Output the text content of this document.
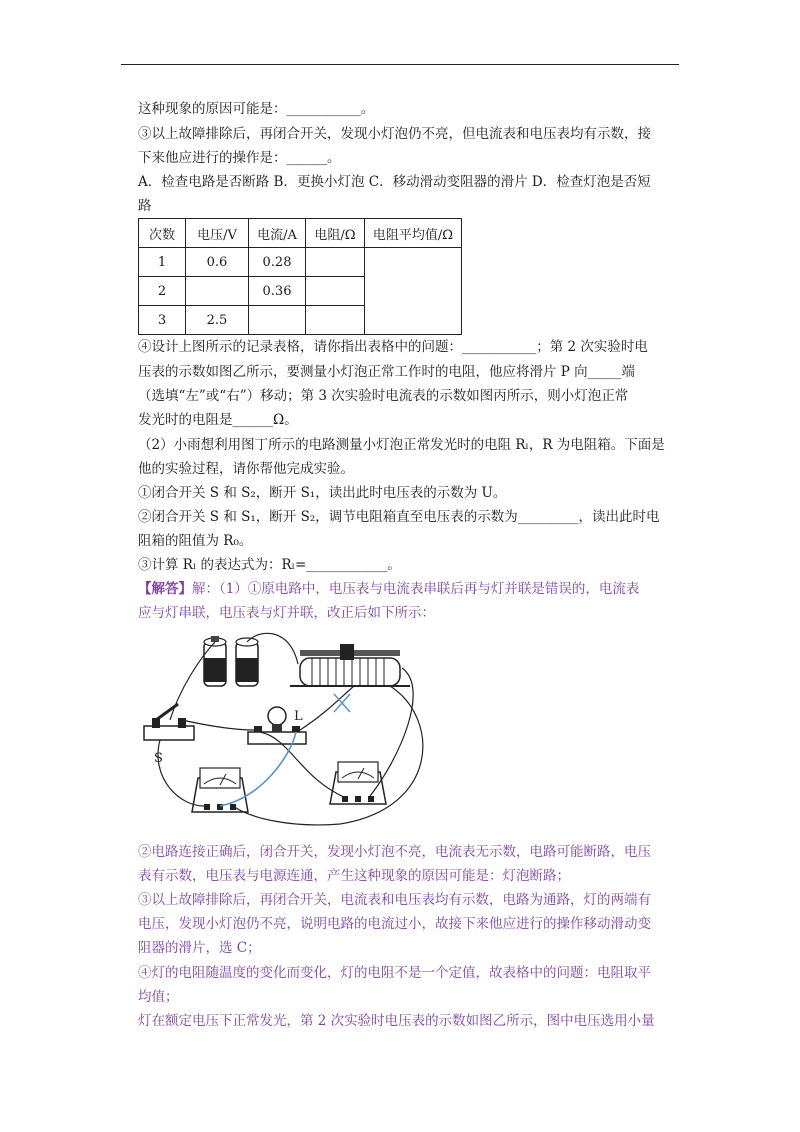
这种现象的原因可能是：___________。
③以上故障排除后，再闭合开关，发现小灯泡仍不亮，但电流表和电压表均有示数，接
下来他应进行的操作是：______。
A．检查电路是否断路 B．更换小灯泡 C．移动滑动变阻器的滑片 D．检查灯泡是否短
路
次数	电压/V	电流/A	电阻/Ω	电阻平均值/Ω
1	0.6	0.28		
2		0.36		
3	2.5			
④设计上图所示的记录表格，请你指出表格中的问题：___________；第 2 次实验时电
压表的示数如图乙所示，要测量小灯泡正常工作时的电阻，他应将滑片 P 向_____端
（选填“左”或“右”）移动；第 3 次实验时电流表的示数如图丙所示，则小灯泡正常
发光时的电阻是______Ω。
（2）小雨想利用图丁所示的电路测量小灯泡正常发光时的电阻 Rₗ，R 为电阻箱。下面是
他的实验过程，请你帮他完成实验。
①闭合开关 S 和 S₂，断开 S₁，读出此时电压表的示数为 U。
②闭合开关 S 和 S₁，断开 S₂，调节电阻箱直至电压表的示数为_________，读出此时电
阻箱的阻值为 R₀。
③计算 Rₗ 的表达式为：Rₗ=____________。
【解答】解：（1）①原电路中，电压表与电流表串联后再与灯并联是错误的，电流表
应与灯串联，电压表与灯并联，改正后如下所示：
S
L
②电路连接正确后，闭合开关，发现小灯泡不亮，电流表无示数，电路可能断路，电压
表有示数，电压表与电源连通，产生这种现象的原因可能是：灯泡断路；
③以上故障排除后，再闭合开关，电流表和电压表均有示数，电路为通路，灯的两端有
电压，发现小灯泡仍不亮，说明电路的电流过小，故接下来他应进行的操作移动滑动变
阻器的滑片，选 C；
④灯的电阻随温度的变化而变化，灯的电阻不是一个定值，故表格中的问题：电阻取平
均值；
灯在额定电压下正常发光，第 2 次实验时电压表的示数如图乙所示，图中电压选用小量
